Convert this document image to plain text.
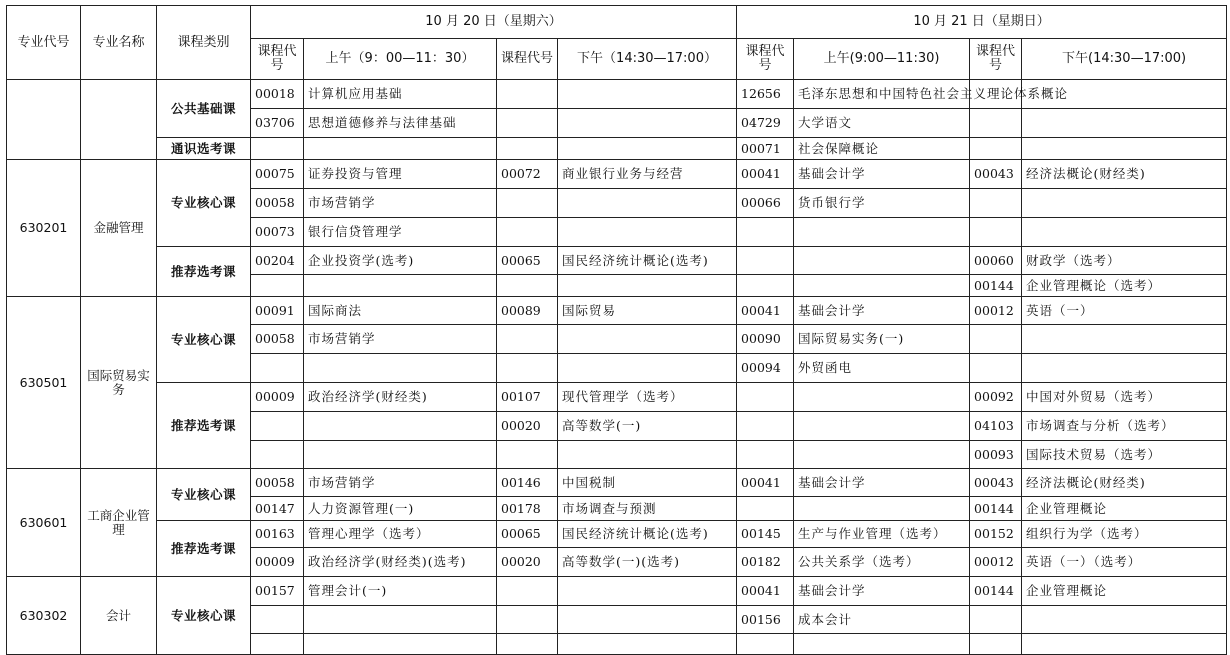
专业代号	专业名称	课程类别	10 月 20 日（星期六）				10 月 21 日（星期日）			
			课程代号	上午（9：00—11：30）	课程代号	下午（14:30—17:00）	课程代号	上午(9:00—11:30)	课程代号	下午(14:30—17:00)
		公共基础课	00018	计算机应用基础			12656	毛泽东思想和中国特色社会主义理论体系概论		
			03706	思想道德修养与法律基础			04729	大学语文		
		通识选考课					00071	社会保障概论		
630201	金融管理	专业核心课	00075	证券投资与管理	00072	商业银行业务与经营	00041	基础会计学	00043	经济法概论(财经类)
			00058	市场营销学			00066	货币银行学		
			00073	银行信贷管理学						
		推荐选考课	00204	企业投资学(选考)	00065	国民经济统计概论(选考)			00060	财政学（选考）
									00144	企业管理概论（选考）
630501	国际贸易实务	专业核心课	00091	国际商法	00089	国际贸易	00041	基础会计学	00012	英语（一）
			00058	市场营销学			00090	国际贸易实务(一)		
							00094	外贸函电		
		推荐选考课	00009	政治经济学(财经类)	00107	现代管理学（选考）			00092	中国对外贸易（选考）
					00020	高等数学(一)			04103	市场调查与分析（选考）
									00093	国际技术贸易（选考）
630601	工商企业管理	专业核心课	00058	市场营销学	00146	中国税制	00041	基础会计学	00043	经济法概论(财经类)
			00147	人力资源管理(一)	00178	市场调查与预测			00144	企业管理概论
		推荐选考课	00163	管理心理学（选考）	00065	国民经济统计概论(选考)	00145	生产与作业管理（选考）	00152	组织行为学（选考）
			00009	政治经济学(财经类)(选考)	00020	高等数学(一)(选考)	00182	公共关系学（选考）	00012	英语（一）（选考）
630302	会计	专业核心课	00157	管理会计(一)			00041	基础会计学	00144	企业管理概论
							00156	成本会计		
